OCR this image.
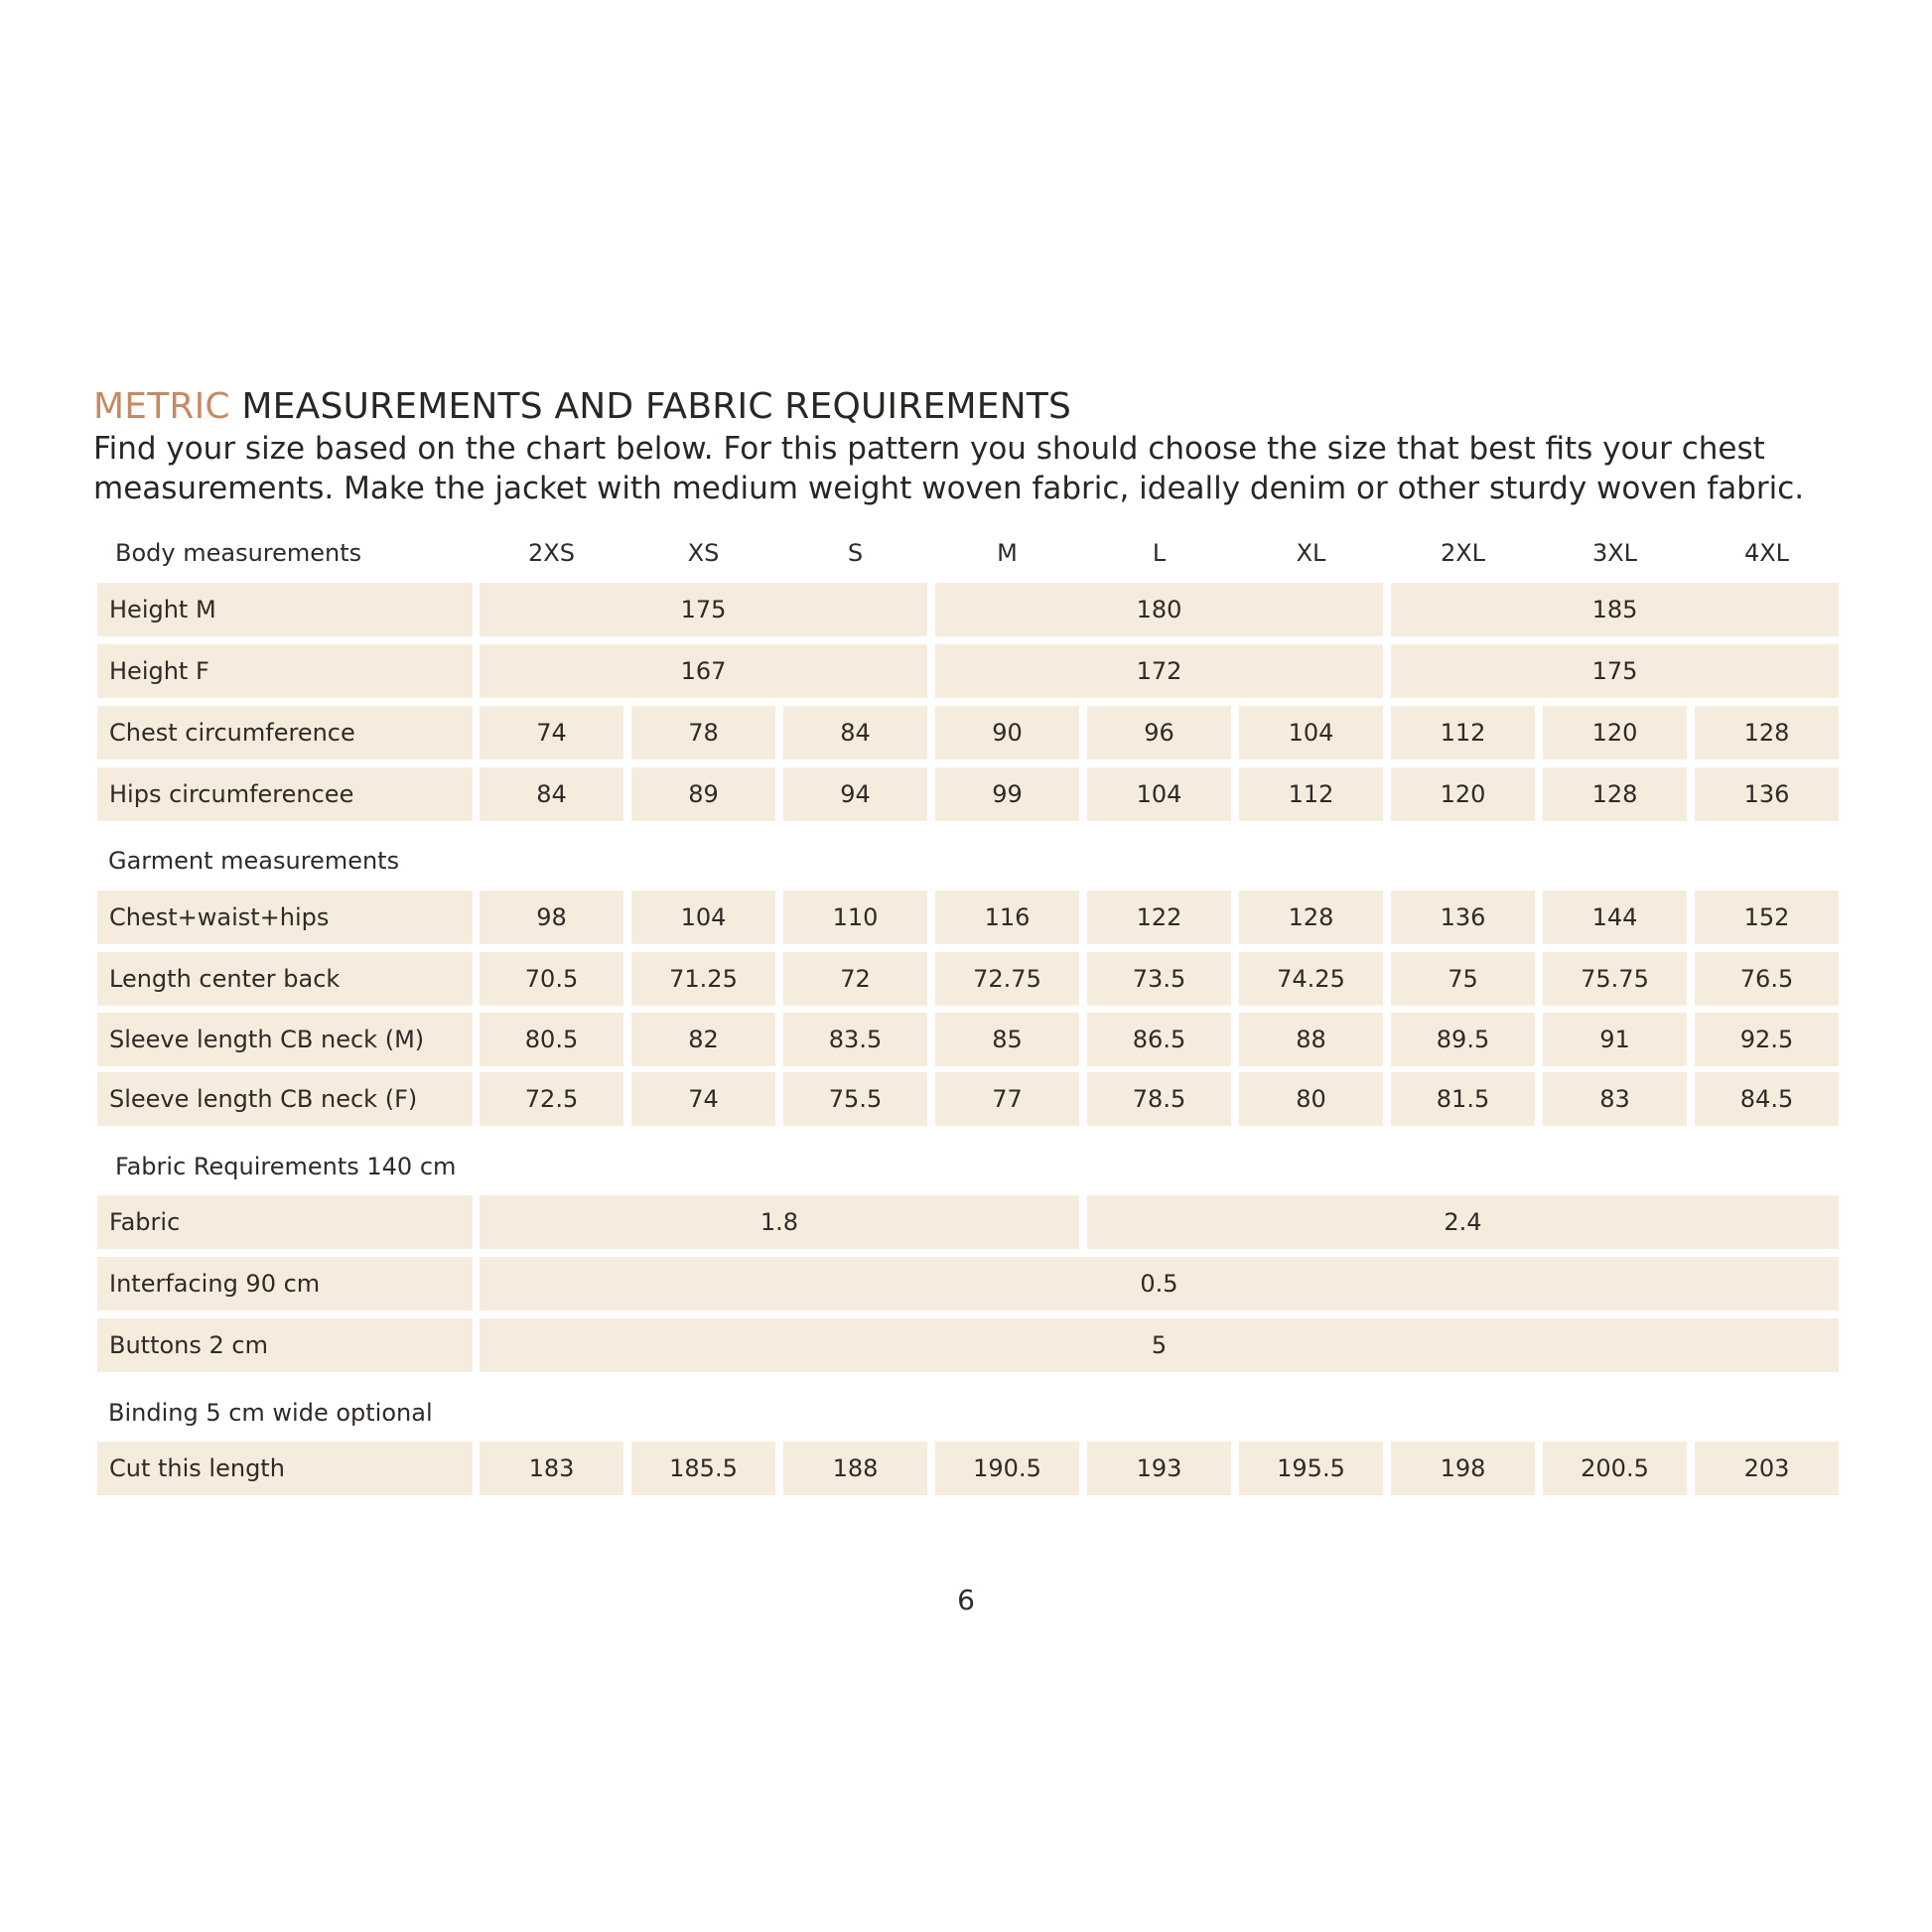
METRIC MEASUREMENTS AND FABRIC REQUIREMENTS
Find your size based on the chart below. For this pattern you should choose the size that best fits your chest
measurements. Make the jacket with medium weight woven fabric, ideally denim or other sturdy woven fabric.
2XS	XS	S	M	L	XL	2XL	3XL	4XL
Body measurements
Garment measurements
Fabric Requirements 140 cm
Binding 5 cm wide optional
Height M	175	180	185
Height F	167	172	175
Chest circumference	74	78	84	90	96	104	112	120	128
Hips circumferencee	84	89	94	99	104	112	120	128	136
Chest+waist+hips	98	104	110	116	122	128	136	144	152
Length center back	70.5	71.25	72	72.75	73.5	74.25	75	75.75	76.5
Sleeve length CB neck (M)	80.5	82	83.5	85	86.5	88	89.5	91	92.5
Sleeve length CB neck (F)	72.5	74	75.5	77	78.5	80	81.5	83	84.5
Fabric	1.8	2.4
Interfacing 90 cm	0.5
Buttons 2 cm	5
Cut this length	183	185.5	188	190.5	193	195.5	198	200.5	203
6
